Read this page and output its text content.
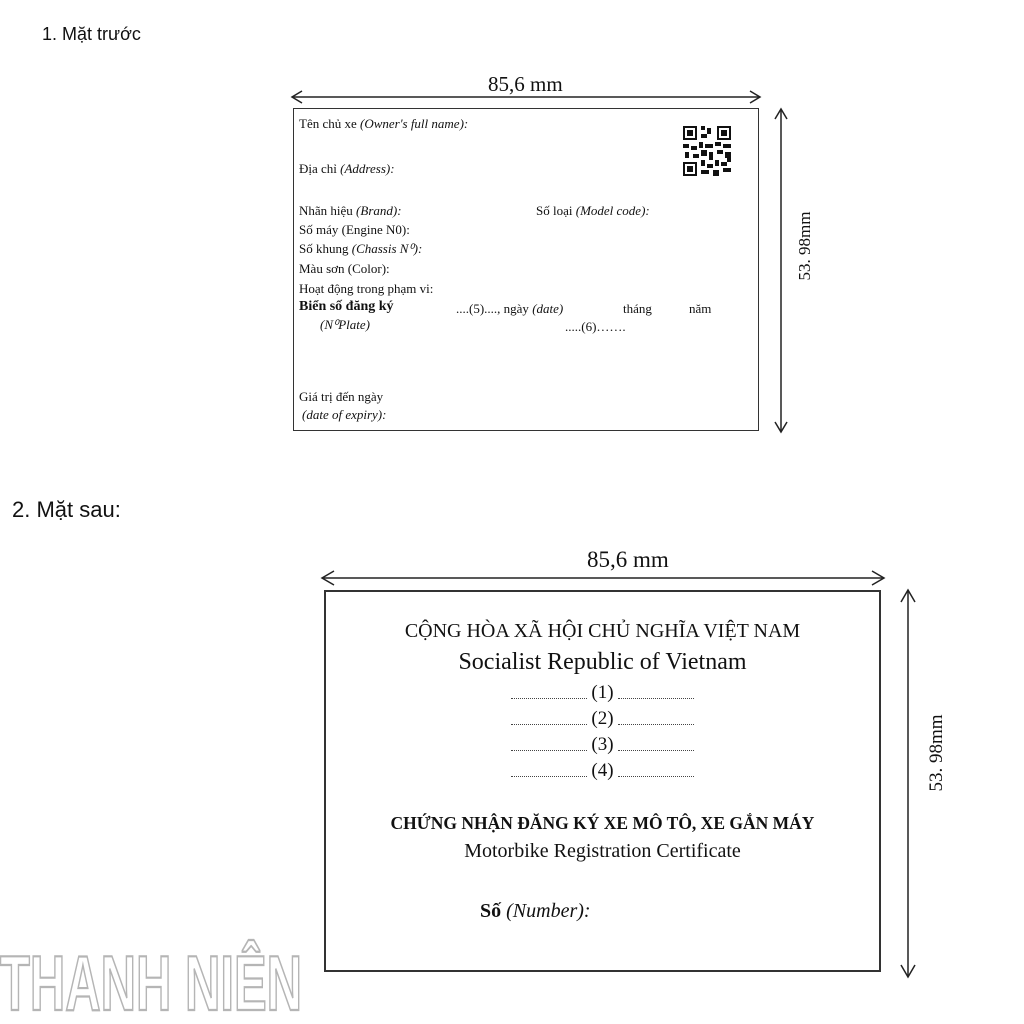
1. Mặt trước
2. Mặt sau:
85,6 mm
53. 98mm
Tên chủ xe (Owner's full name):
Địa chỉ (Address):
Nhãn hiệu (Brand):	Số loại (Model code):
Số máy (Engine N0):
Số khung (Chassis N⁰):
Màu sơn (Color):
Hoạt động trong phạm vi:
Biển số đăng ký
(N⁰Plate)
....(5)...., ngày (date)	tháng	năm
.....(6)…….
Giá trị đến ngày
(date of expiry):
85,6 mm
53. 98mm
CỘNG HÒA XÃ HỘI CHỦ NGHĨA VIỆT NAM
Socialist Republic of Vietnam
(1)
(2)
(3)
(4)
CHỨNG NHẬN ĐĂNG KÝ XE MÔ TÔ, XE GẮN MÁY
Motorbike Registration Certificate
Số (Number):
THANH NIÊN
